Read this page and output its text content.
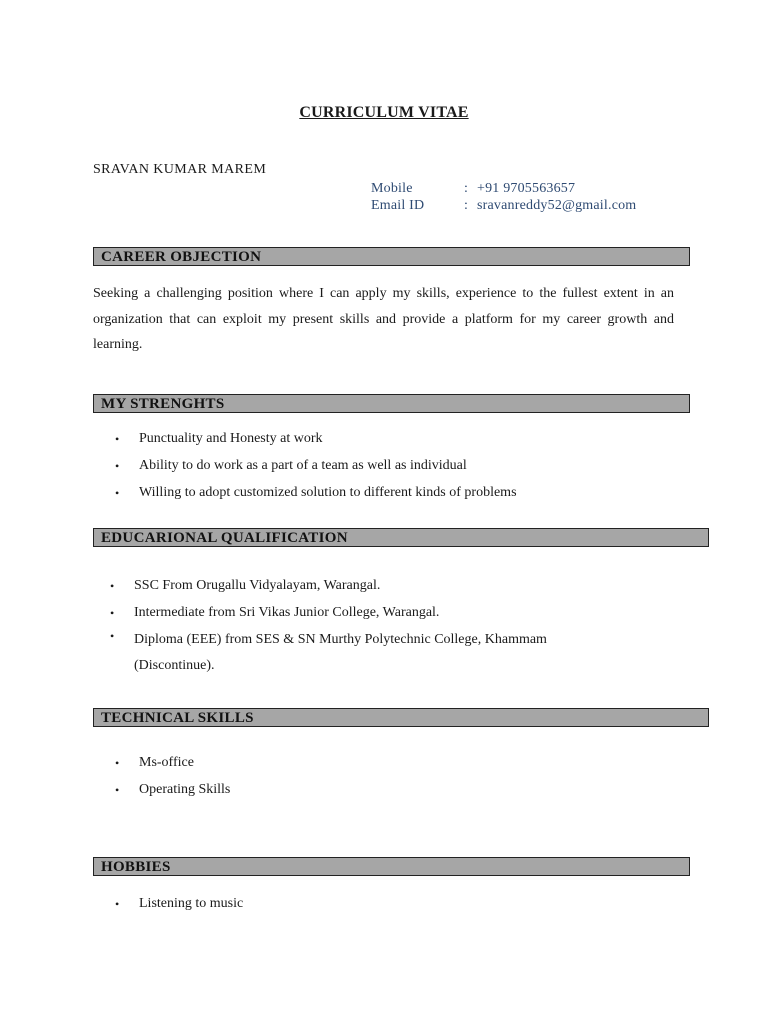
CURRICULUM VITAE
SRAVAN KUMAR MAREM
Mobile	: +91 9705563657
Email ID	: sravanreddy52@gmail.com
CAREER OBJECTION
Seeking a challenging position where I can apply my skills, experience to the fullest extent in an organization that can exploit my present skills and provide a platform for my career growth and learning.
MY STRENGHTS
• Punctuality and Honesty at work
• Ability to do work as a part of a team as well as individual
• Willing to adopt customized solution to different kinds of problems
EDUCARIONAL QUALIFICATION
• SSC From Orugallu Vidyalayam, Warangal.
• Intermediate from Sri Vikas Junior College, Warangal.
• Diploma (EEE) from SES & SN Murthy Polytechnic College, Khammam (Discontinue).
TECHNICAL SKILLS
• Ms-office
• Operating Skills
HOBBIES
• Listening to music
